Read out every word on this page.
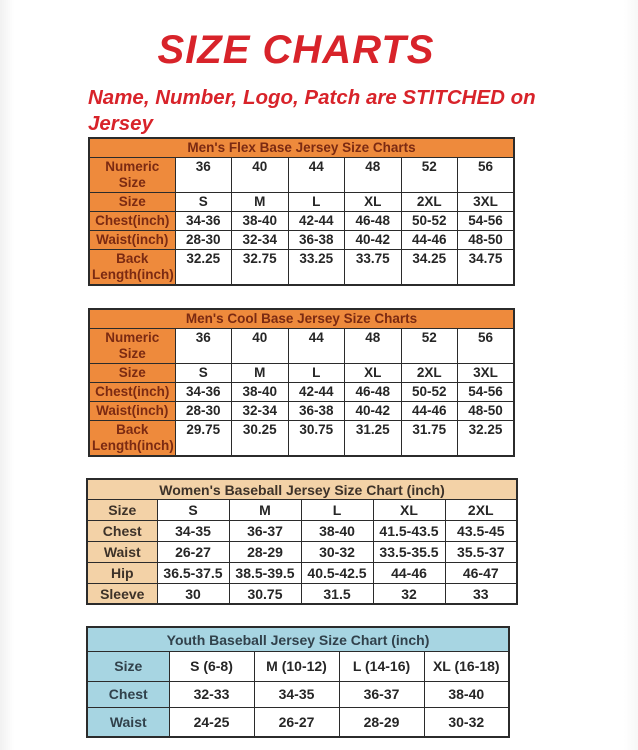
SIZE CHARTS

Name, Number, Logo, Patch are STITCHED on Jersey

Men's Flex Base Jersey Size Charts						
Numeric Size	36	40	44	48	52	56
Size	S	M	L	XL	2XL	3XL
Chest(inch)	34-36	38-40	42-44	46-48	50-52	54-56
Waist(inch)	28-30	32-34	36-38	40-42	44-46	48-50
Back Length(inch)	32.25	32.75	33.25	33.75	34.25	34.75
Men's Cool Base Jersey Size Charts						
Numeric Size	36	40	44	48	52	56
Size	S	M	L	XL	2XL	3XL
Chest(inch)	34-36	38-40	42-44	46-48	50-52	54-56
Waist(inch)	28-30	32-34	36-38	40-42	44-46	48-50
Back Length(inch)	29.75	30.25	30.75	31.25	31.75	32.25
Women's Baseball Jersey Size Chart (inch)					
Size	S	M	L	XL	2XL
Chest	34-35	36-37	38-40	41.5-43.5	43.5-45
Waist	26-27	28-29	30-32	33.5-35.5	35.5-37
Hip	36.5-37.5	38.5-39.5	40.5-42.5	44-46	46-47
Sleeve	30	30.75	31.5	32	33
Youth Baseball Jersey Size Chart (inch)				
Size	S (6-8)	M (10-12)	L (14-16)	XL (16-18)
Chest	32-33	34-35	36-37	38-40
Waist	24-25	26-27	28-29	30-32
